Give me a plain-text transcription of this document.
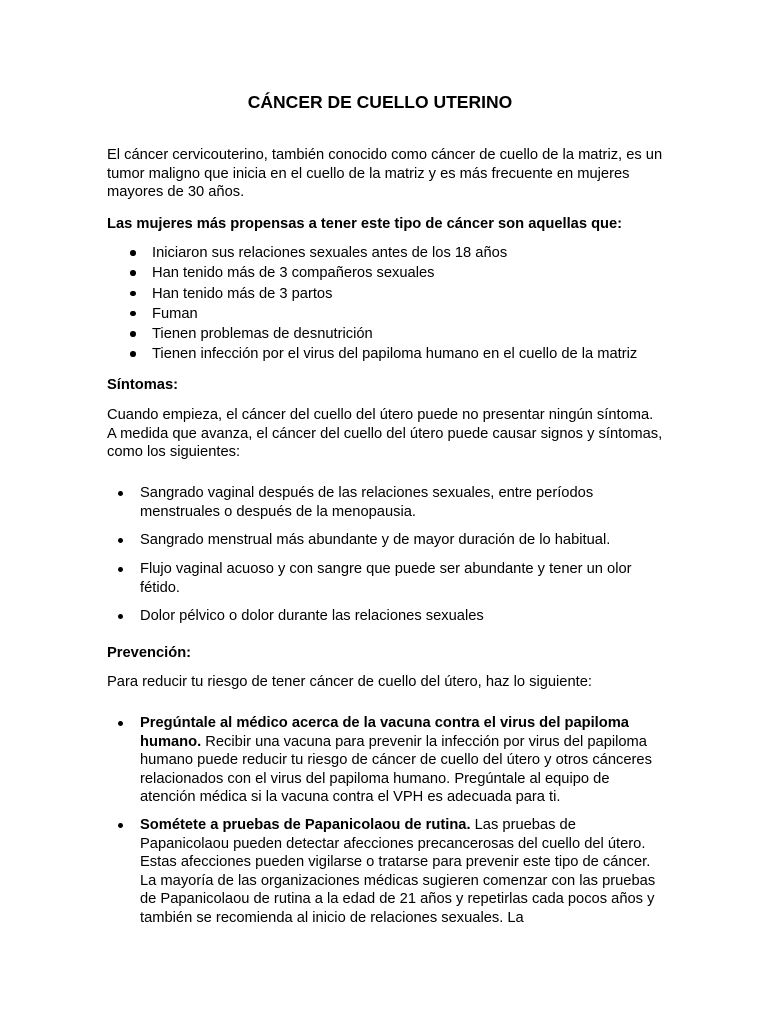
CÁNCER DE CUELLO UTERINO

El cáncer cervicouterino, también conocido como cáncer de cuello de la matriz, es un tumor maligno que inicia en el cuello de la matriz y es más frecuente en mujeres mayores de 30 años.

Las mujeres más propensas a tener este tipo de cáncer son aquellas que:

Iniciaron sus relaciones sexuales antes de los 18 años
Han tenido más de 3 compañeros sexuales
Han tenido más de 3 partos
Fuman
Tienen problemas de desnutrición
Tienen infección por el virus del papiloma humano en el cuello de la matriz

Síntomas:

Cuando empieza, el cáncer del cuello del útero puede no presentar ningún síntoma. A medida que avanza, el cáncer del cuello del útero puede causar signos y síntomas, como los siguientes:

Sangrado vaginal después de las relaciones sexuales, entre períodos menstruales o después de la menopausia.
Sangrado menstrual más abundante y de mayor duración de lo habitual.
Flujo vaginal acuoso y con sangre que puede ser abundante y tener un olor fétido.
Dolor pélvico o dolor durante las relaciones sexuales

Prevención:

Para reducir tu riesgo de tener cáncer de cuello del útero, haz lo siguiente:

Pregúntale al médico acerca de la vacuna contra el virus del papiloma humano. Recibir una vacuna para prevenir la infección por virus del papiloma humano puede reducir tu riesgo de cáncer de cuello del útero y otros cánceres relacionados con el virus del papiloma humano. Pregúntale al equipo de atención médica si la vacuna contra el VPH es adecuada para ti.
Sométete a pruebas de Papanicolaou de rutina. Las pruebas de Papanicolaou pueden detectar afecciones precancerosas del cuello del útero. Estas afecciones pueden vigilarse o tratarse para prevenir este tipo de cáncer. La mayoría de las organizaciones médicas sugieren comenzar con las pruebas de Papanicolaou de rutina a la edad de 21 años y repetirlas cada pocos años y también se recomienda al inicio de relaciones sexuales. La
